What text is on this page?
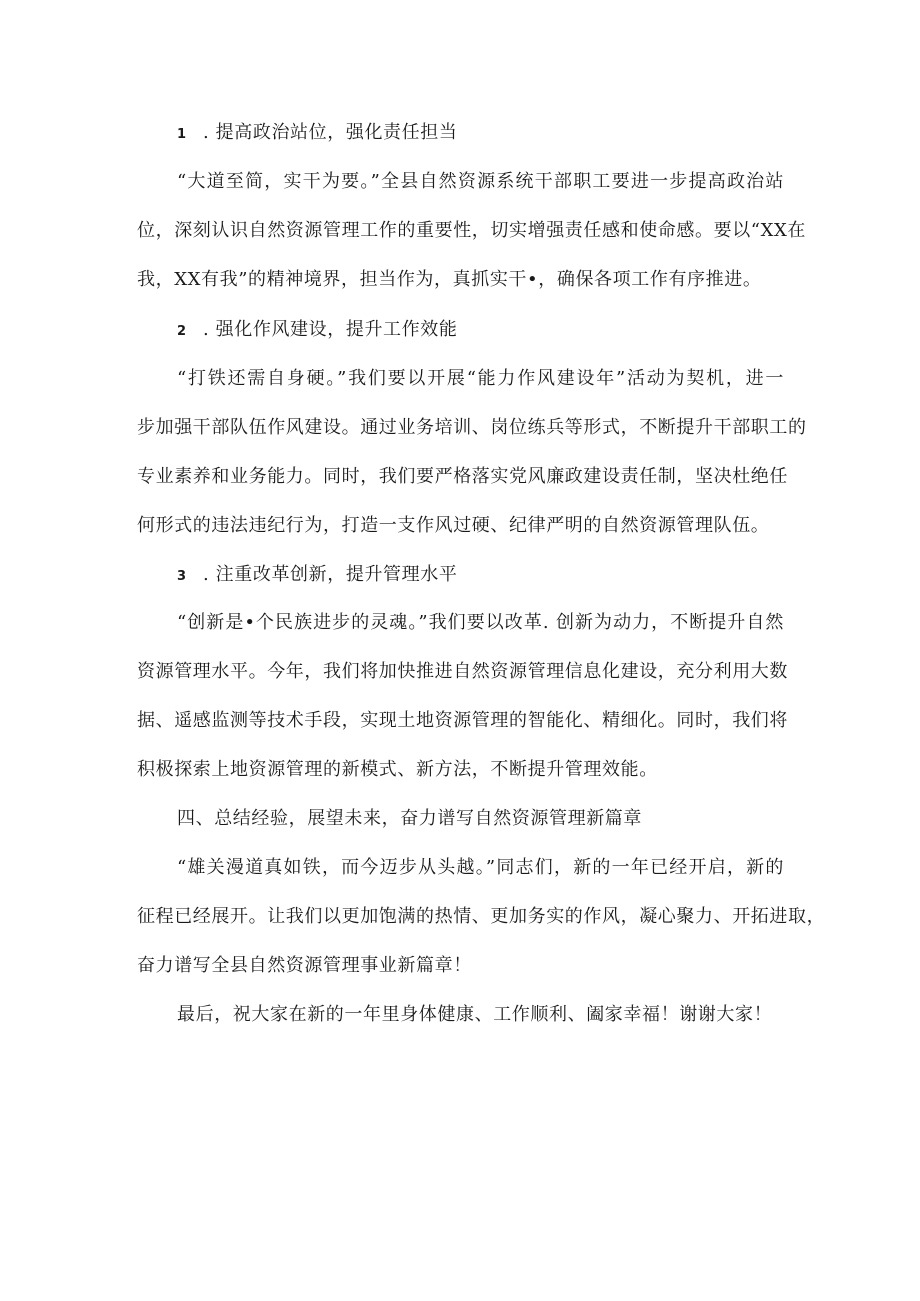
1 . 提高政治站位，强化责任担当
“大道至简，实干为要。”全县自然资源系统干部职工要进一步提高政治站
位，深刻认识自然资源管理工作的重要性，切实增强责任感和使命感。要以“XX在
我，XX有我”的精神境界，担当作为，真抓实干•，确保各项工作有序推进。
2 . 强化作风建设，提升工作效能
“打铁还需自身硬。”我们要以开展“能力作风建设年”活动为契机，进一
步加强干部队伍作风建设。通过业务培训、岗位练兵等形式，不断提升干部职工的
专业素养和业务能力。同时，我们要严格落实党风廉政建设责任制，坚决杜绝任
何形式的违法违纪行为，打造一支作风过硬、纪律严明的自然资源管理队伍。
3 . 注重改革创新，提升管理水平
“创新是•个民族进步的灵魂。”我们要以改革. 创新为动力，不断提升自然
资源管理水平。今年，我们将加快推进自然资源管理信息化建设，充分利用大数
据、遥感监测等技术手段，实现土地资源管理的智能化、精细化。同时，我们将
积极探索上地资源管理的新模式、新方法，不断提升管理效能。
四、总结经验，展望未来，奋力谱写自然资源管理新篇章
“雄关漫道真如铁，而今迈步从头越。”同志们，新的一年已经开启，新的
征程已经展开。让我们以更加饱满的热情、更加务实的作风，凝心聚力、开拓进取，
奋力谱写全县自然资源管理事业新篇章！
最后，祝大家在新的一年里身体健康、工作顺利、阖家幸福！谢谢大家！
